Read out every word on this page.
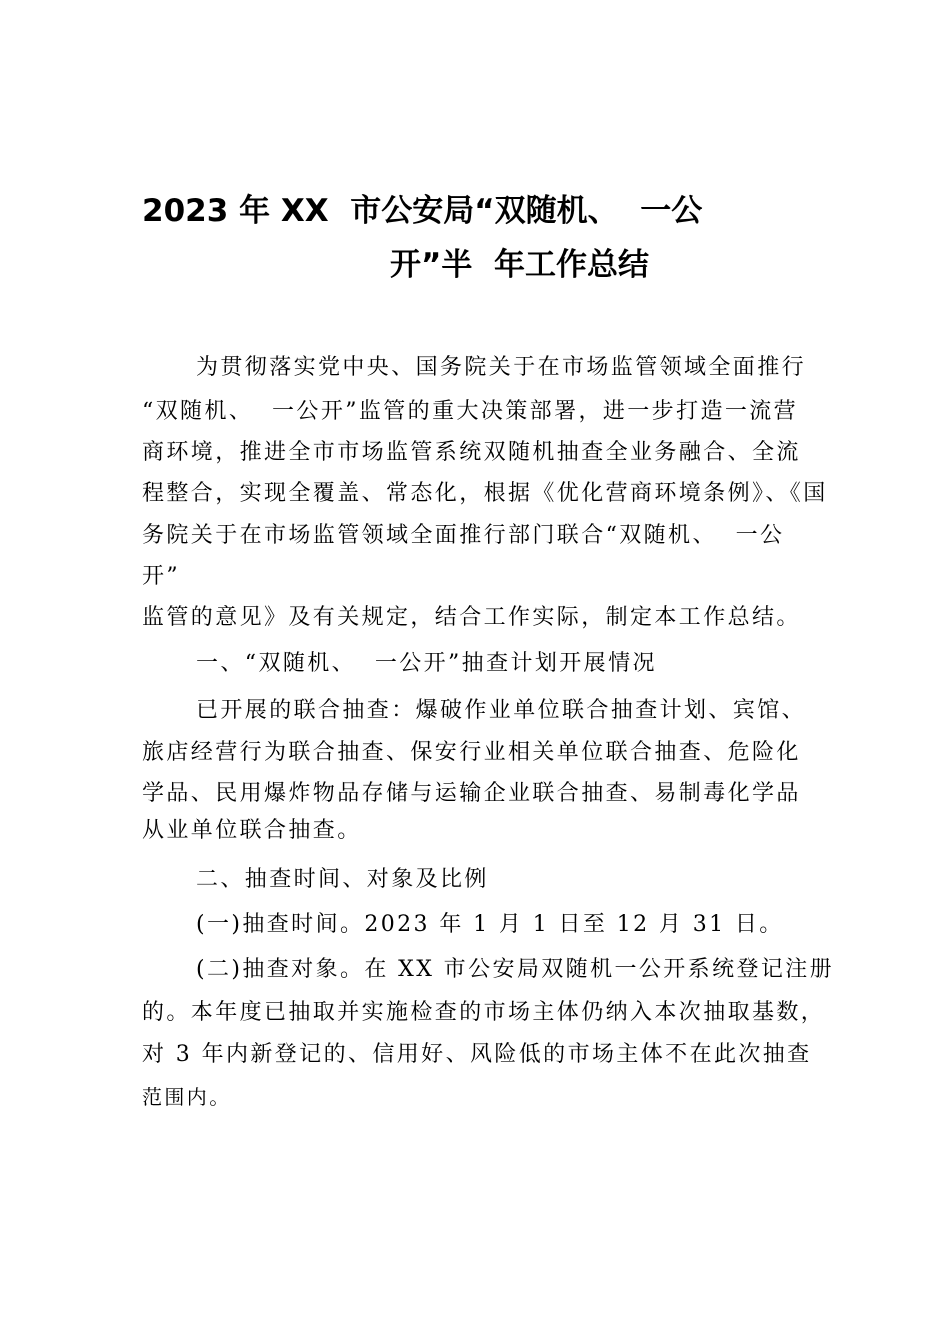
2023 年 XX  市公安局“双随机、  一公
开”半  年工作总结
为贯彻落实党中央、国务院关于在市场监管领域全面推行
“双随机、  一公开”监管的重大决策部署，进一步打造一流营
商环境，推进全市市场监管系统双随机抽查全业务融合、全流
程整合，实现全覆盖、常态化，根据《优化营商环境条例》、《国
务院关于在市场监管领域全面推行部门联合“双随机、  一公
开”
监管的意见》及有关规定，结合工作实际，制定本工作总结。
一、“双随机、  一公开”抽查计划开展情况
已开展的联合抽查：爆破作业单位联合抽查计划、宾馆、
旅店经营行为联合抽查、保安行业相关单位联合抽查、危险化
学品、民用爆炸物品存储与运输企业联合抽查、易制毒化学品
从业单位联合抽查。
二、抽查时间、对象及比例
(一)抽查时间。2023 年 1 月 1 日至 12 月 31 日。
(二)抽查对象。在 XX 市公安局双随机一公开系统登记注册
的。本年度已抽取并实施检查的市场主体仍纳入本次抽取基数，
对 3 年内新登记的、信用好、风险低的市场主体不在此次抽查
范围内。
